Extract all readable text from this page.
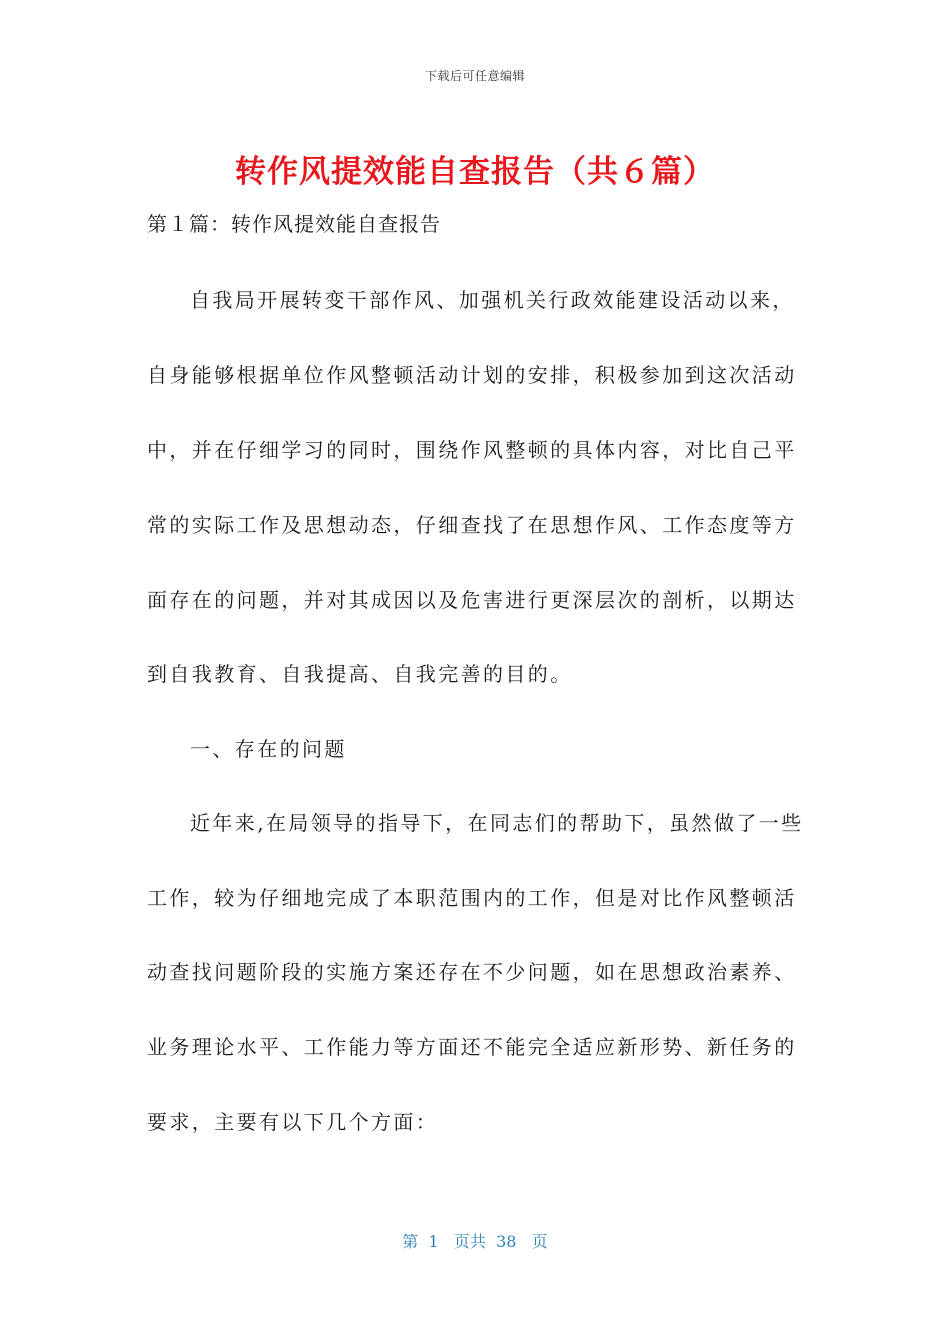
下载后可任意编辑
转作风提效能自查报告（共６篇）
第１篇：转作风提效能自查报告
自我局开展转变干部作风、加强机关行政效能建设活动以来，
自身能够根据单位作风整顿活动计划的安排，积极参加到这次活动
中，并在仔细学习的同时，围绕作风整顿的具体内容，对比自己平
常的实际工作及思想动态，仔细查找了在思想作风、工作态度等方
面存在的问题，并对其成因以及危害进行更深层次的剖析，以期达
到自我教育、自我提高、自我完善的目的。
一、存在的问题
近年来,在局领导的指导下，在同志们的帮助下，虽然做了一些
工作，较为仔细地完成了本职范围内的工作，但是对比作风整顿活
动查找问题阶段的实施方案还存在不少问题，如在思想政治素养、
业务理论水平、工作能力等方面还不能完全适应新形势、新任务的
要求，主要有以下几个方面：
第  1   页共  38   页
